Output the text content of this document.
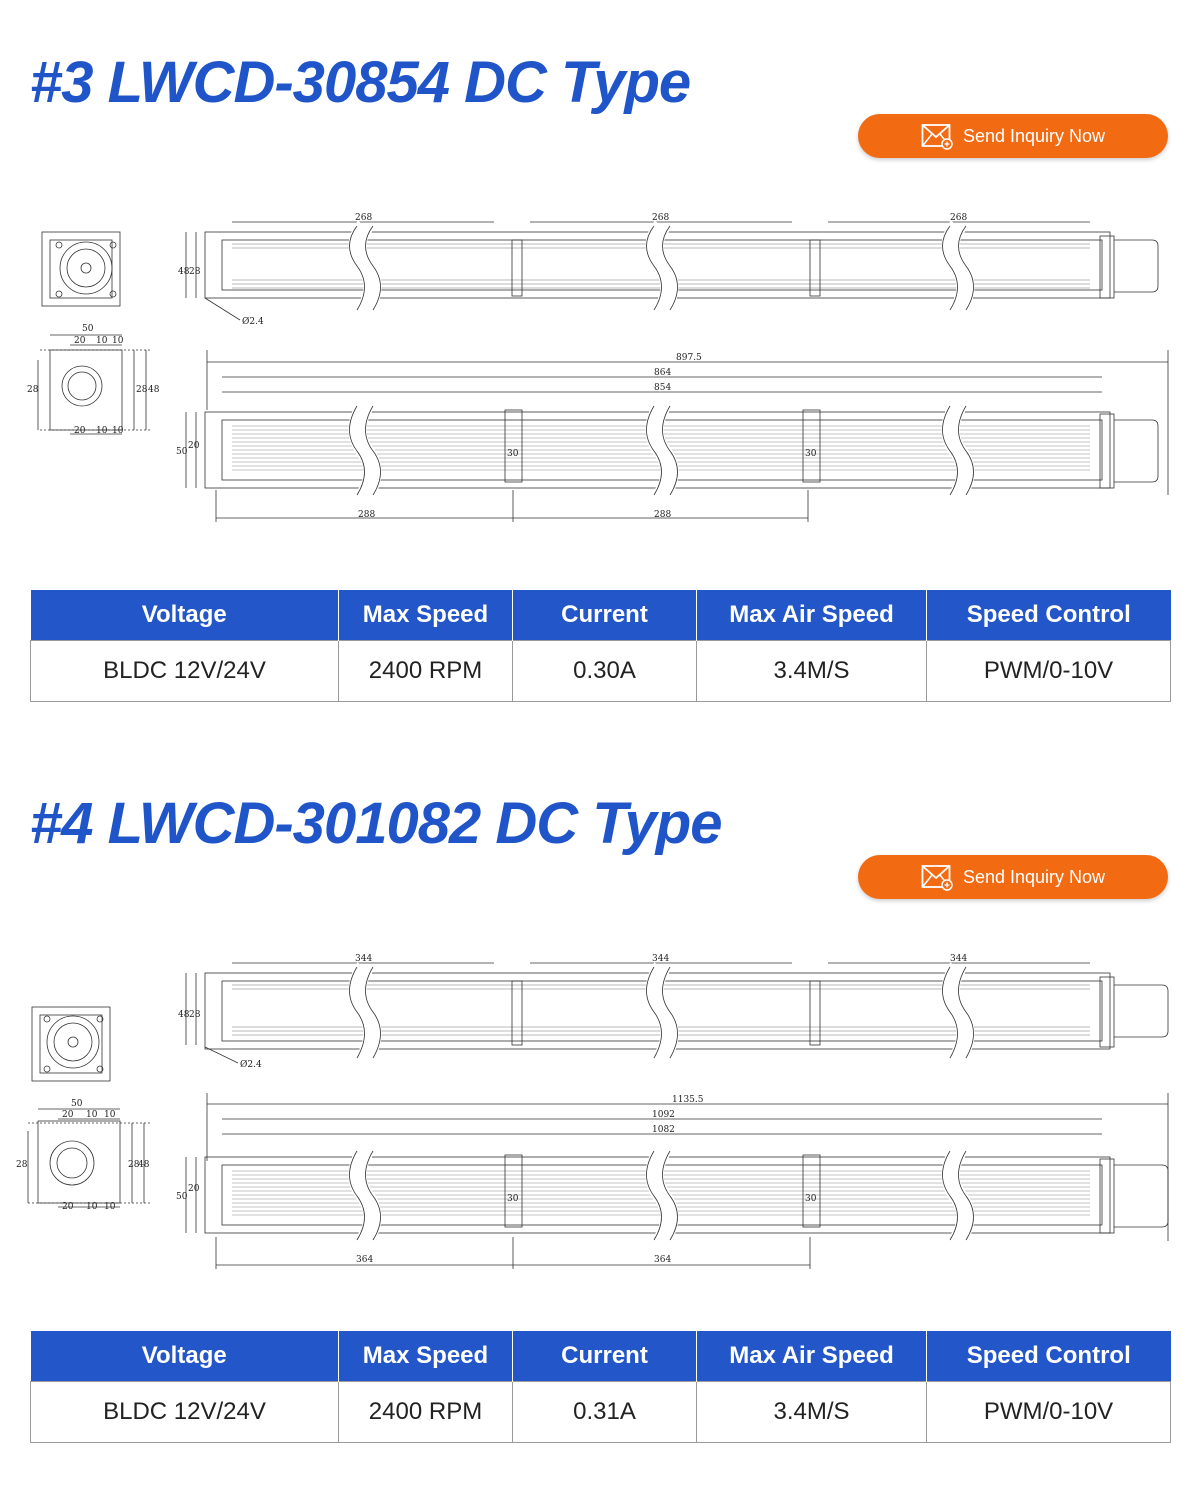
#3 LWCD-30854 DC Type
Send Inquiry Now
268	268	268
Ø2.4
897.5
864
854
288	288
50
20 10 10
20 10 10
28	28 48
48 28
50
20
30	30
Voltage	Max Speed	Current	Max Air Speed	Speed Control
BLDC 12V/24V	2400 RPM	0.30A	3.4M/S	PWM/0-10V
#4 LWCD-301082 DC Type
Send Inquiry Now
344	344	344
Ø2.4
1135.5
1092
1082
364	364
50
20 10 10
20 10 10
28	28
48
48 28
50
20
30	30
Voltage	Max Speed	Current	Max Air Speed	Speed Control
BLDC 12V/24V	2400 RPM	0.31A	3.4M/S	PWM/0-10V
